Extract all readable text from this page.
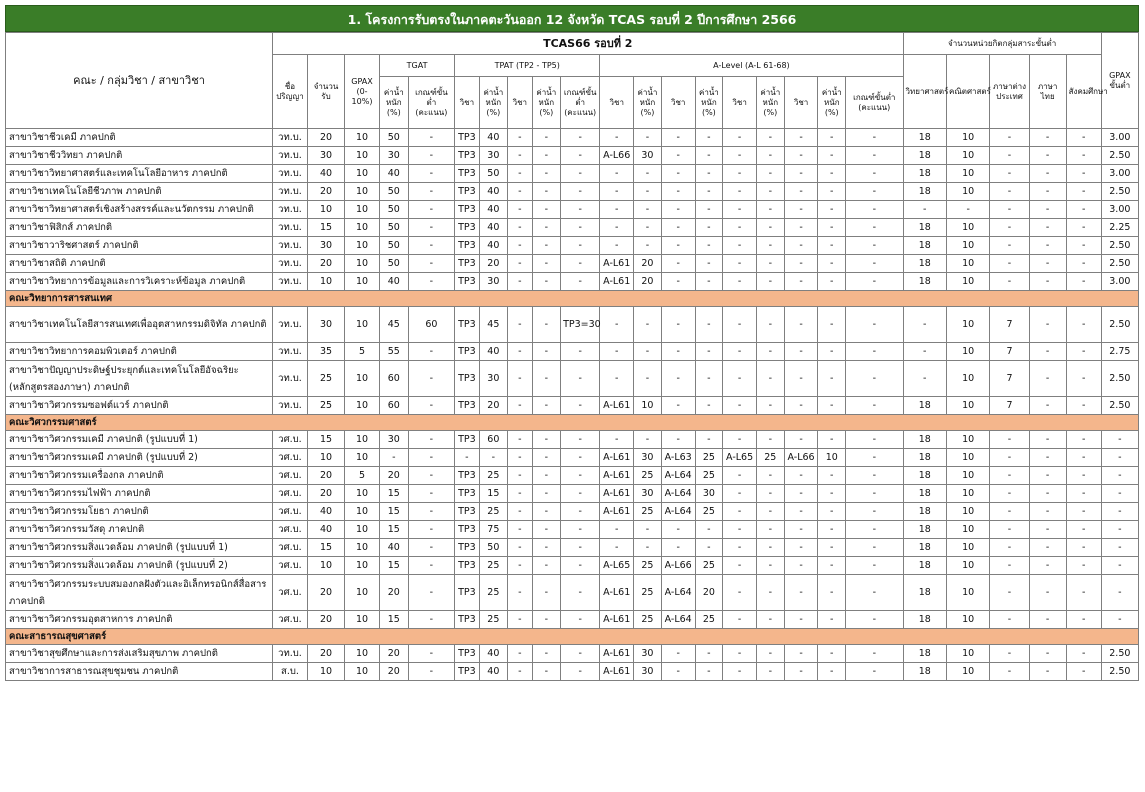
1. โครงการรับตรงในภาคตะวันออก 12 จังหวัด TCAS รอบที่ 2 ปีการศึกษา 2566
คณะ / กลุ่มวิชา / สาขาวิชา	TCAS66 รอบที่ 2																			จำนวนหน่วยกิตกลุ่มสาระขั้นต่ำ					GPAX ขั้นต่ำ
	ชื่อปริญญา	จำนวนรับ	GPAX (0-10%)	TGAT		TPAT (TP2 - TP5)					A-Level (A-L 61-68)									วิทยาศาสตร์	คณิตศาสตร์	ภาษาต่างประเทศ	ภาษาไทย	สังคมศึกษา	
				ค่าน้ำหนัก (%)	เกณฑ์ขั้นต่ำ (คะแนน)	วิชา	ค่าน้ำหนัก (%)	วิชา	ค่าน้ำหนัก (%)	เกณฑ์ขั้นต่ำ (คะแนน)	วิชา	ค่าน้ำหนัก (%)	วิชา	ค่าน้ำหนัก (%)	วิชา	ค่าน้ำหนัก (%)	วิชา	ค่าน้ำหนัก (%)	เกณฑ์ขั้นต่ำ (คะแนน)						
สาขาวิชาชีวเคมี ภาคปกติ	วท.บ.	20	10	50	-	TP3	40	-	-	-	-	-	-	-	-	-	-	-	-	18	10	-	-	-	3.00
สาขาวิชาชีววิทยา ภาคปกติ	วท.บ.	30	10	30	-	TP3	30	-	-	-	A-L66	30	-	-	-	-	-	-	-	18	10	-	-	-	2.50
สาขาวิชาวิทยาศาสตร์และเทคโนโลยีอาหาร ภาคปกติ	วท.บ.	40	10	40	-	TP3	50	-	-	-	-	-	-	-	-	-	-	-	-	18	10	-	-	-	3.00
สาขาวิชาเทคโนโลยีชีวภาพ ภาคปกติ	วท.บ.	20	10	50	-	TP3	40	-	-	-	-	-	-	-	-	-	-	-	-	18	10	-	-	-	2.50
สาขาวิชาวิทยาศาสตร์เชิงสร้างสรรค์และนวัตกรรม ภาคปกติ	วท.บ.	10	10	50	-	TP3	40	-	-	-	-	-	-	-	-	-	-	-	-	-	-	-	-	-	3.00
สาขาวิชาฟิสิกส์ ภาคปกติ	วท.บ.	15	10	50	-	TP3	40	-	-	-	-	-	-	-	-	-	-	-	-	18	10	-	-	-	2.25
สาขาวิชาวาริชศาสตร์ ภาคปกติ	วท.บ.	30	10	50	-	TP3	40	-	-	-	-	-	-	-	-	-	-	-	-	18	10	-	-	-	2.50
สาขาวิชาสถิติ ภาคปกติ	วท.บ.	20	10	50	-	TP3	20	-	-	-	A-L61	20	-	-	-	-	-	-	-	18	10	-	-	-	2.50
สาขาวิชาวิทยาการข้อมูลและการวิเคราะห์ข้อมูล ภาคปกติ	วท.บ.	10	10	40	-	TP3	30	-	-	-	A-L61	20	-	-	-	-	-	-	-	18	10	-	-	-	3.00
คณะวิทยาการสารสนเทศ																									
สาขาวิชาเทคโนโลยีสารสนเทศเพื่ออุตสาหกรรมดิจิทัล ภาคปกติ	วท.บ.	30	10	45	60	TP3	45	-	-	TP3=30	-	-	-	-	-	-	-	-	-	-	10	7	-	-	2.50
สาขาวิชาวิทยาการคอมพิวเตอร์ ภาคปกติ	วท.บ.	35	5	55	-	TP3	40	-	-	-	-	-	-	-	-	-	-	-	-	-	10	7	-	-	2.75
สาขาวิชาปัญญาประดิษฐ์ประยุกต์และเทคโนโลยีอัจฉริยะ (หลักสูตรสองภาษา) ภาคปกติ	วท.บ.	25	10	60	-	TP3	30	-	-	-	-	-	-	-	-	-	-	-	-	-	10	7	-	-	2.50
สาขาวิชาวิศวกรรมซอฟต์แวร์ ภาคปกติ	วท.บ.	25	10	60	-	TP3	20	-	-	-	A-L61	10	-	-	-	-	-	-	-	18	10	7	-	-	2.50
คณะวิศวกรรมศาสตร์																									
สาขาวิชาวิศวกรรมเคมี ภาคปกติ (รูปแบบที่ 1)	วศ.บ.	15	10	30	-	TP3	60	-	-	-	-	-	-	-	-	-	-	-	-	18	10	-	-	-	-
สาขาวิชาวิศวกรรมเคมี ภาคปกติ (รูปแบบที่ 2)	วศ.บ.	10	10	-	-	-	-	-	-	-	A-L61	30	A-L63	25	A-L65	25	A-L66	10	-	18	10	-	-	-	-
สาขาวิชาวิศวกรรมเครื่องกล ภาคปกติ	วศ.บ.	20	5	20	-	TP3	25	-	-	-	A-L61	25	A-L64	25	-	-	-	-	-	18	10	-	-	-	-
สาขาวิชาวิศวกรรมไฟฟ้า ภาคปกติ	วศ.บ.	20	10	15	-	TP3	15	-	-	-	A-L61	30	A-L64	30	-	-	-	-	-	18	10	-	-	-	-
สาขาวิชาวิศวกรรมโยธา ภาคปกติ	วศ.บ.	40	10	15	-	TP3	25	-	-	-	A-L61	25	A-L64	25	-	-	-	-	-	18	10	-	-	-	-
สาขาวิชาวิศวกรรมวัสดุ ภาคปกติ	วศ.บ.	40	10	15	-	TP3	75	-	-	-	-	-	-	-	-	-	-	-	-	18	10	-	-	-	-
สาขาวิชาวิศวกรรมสิ่งแวดล้อม ภาคปกติ (รูปแบบที่ 1)	วศ.บ.	15	10	40	-	TP3	50	-	-	-	-	-	-	-	-	-	-	-	-	18	10	-	-	-	-
สาขาวิชาวิศวกรรมสิ่งแวดล้อม ภาคปกติ (รูปแบบที่ 2)	วศ.บ.	10	10	15	-	TP3	25	-	-	-	A-L65	25	A-L66	25	-	-	-	-	-	18	10	-	-	-	-
สาขาวิชาวิศวกรรมระบบสมองกลฝังตัวและอิเล็กทรอนิกส์สื่อสาร ภาคปกติ	วศ.บ.	20	10	20	-	TP3	25	-	-	-	A-L61	25	A-L64	20	-	-	-	-	-	18	10	-	-	-	-
สาขาวิชาวิศวกรรมอุตสาหการ ภาคปกติ	วศ.บ.	20	10	15	-	TP3	25	-	-	-	A-L61	25	A-L64	25	-	-	-	-	-	18	10	-	-	-	-
คณะสาธารณสุขศาสตร์																									
สาขาวิชาสุขศึกษาและการส่งเสริมสุขภาพ ภาคปกติ	วท.บ.	20	10	20	-	TP3	40	-	-	-	A-L61	30	-	-	-	-	-	-	-	18	10	-	-	-	2.50
สาขาวิชาการสาธารณสุขชุมชน ภาคปกติ	ส.บ.	10	10	20	-	TP3	40	-	-	-	A-L61	30	-	-	-	-	-	-	-	18	10	-	-	-	2.50
